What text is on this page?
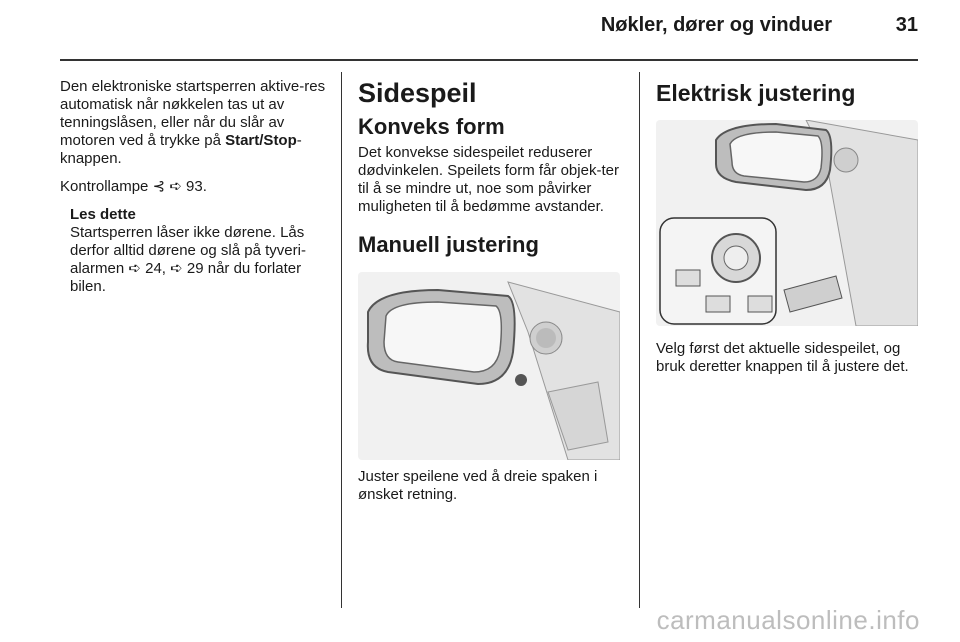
Nøkler, dører og vinduer	31

Den elektroniske startsperren aktive-res automatisk når nøkkelen tas ut av tenningslåsen, eller når du slår av motoren ved å trykke på Start/Stop-knappen.

Kontrollampe ⊰ ➪ 93.

Les dette
Startsperren låser ikke dørene. Lås derfor alltid dørene og slå på tyveri-alarmen ➪ 24, ➪ 29 når du forlater bilen.
Sidespeil
Konveks form

Det konvekse sidespeilet reduserer dødvinkelen. Speilets form får objek-ter til å se mindre ut, noe som påvirker muligheten til å bedømme avstander.

Manuell justering

Juster speilene ved å dreie spaken i ønsket retning.

Elektrisk justering

Velg først det aktuelle sidespeilet, og bruk deretter knappen til å justere det.

carmanualsonline.info
